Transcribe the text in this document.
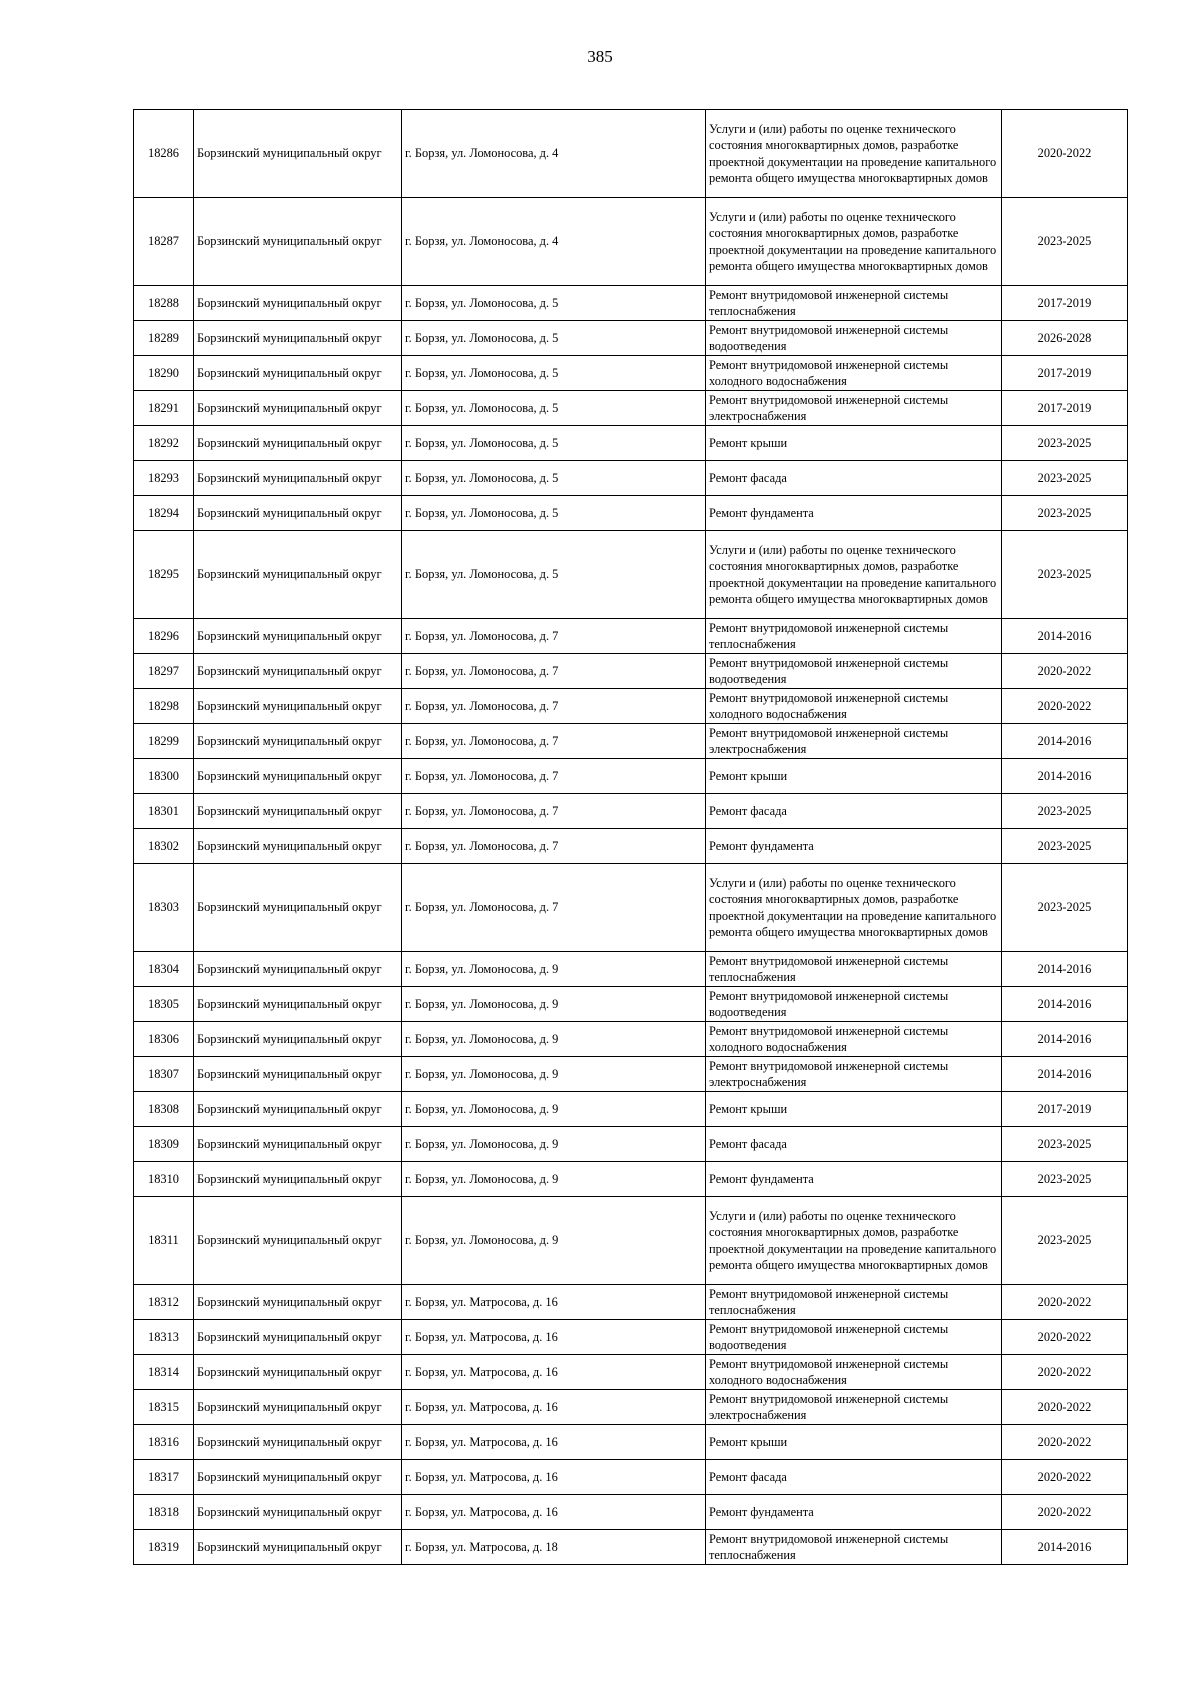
385
18286	Борзинский муниципальный округ	г. Борзя, ул. Ломоносова, д. 4	Услуги и (или) работы по оценке технического состояния многоквартирных домов, разработке проектной документации на проведение капитального ремонта общего имущества многоквартирных домов	2020-2022
18287	Борзинский муниципальный округ	г. Борзя, ул. Ломоносова, д. 4	Услуги и (или) работы по оценке технического состояния многоквартирных домов, разработке проектной документации на проведение капитального ремонта общего имущества многоквартирных домов	2023-2025
18288	Борзинский муниципальный округ	г. Борзя, ул. Ломоносова, д. 5	Ремонт внутридомовой инженерной системы теплоснабжения	2017-2019
18289	Борзинский муниципальный округ	г. Борзя, ул. Ломоносова, д. 5	Ремонт внутридомовой инженерной системы водоотведения	2026-2028
18290	Борзинский муниципальный округ	г. Борзя, ул. Ломоносова, д. 5	Ремонт внутридомовой инженерной системы холодного водоснабжения	2017-2019
18291	Борзинский муниципальный округ	г. Борзя, ул. Ломоносова, д. 5	Ремонт внутридомовой инженерной системы электроснабжения	2017-2019
18292	Борзинский муниципальный округ	г. Борзя, ул. Ломоносова, д. 5	Ремонт крыши	2023-2025
18293	Борзинский муниципальный округ	г. Борзя, ул. Ломоносова, д. 5	Ремонт фасада	2023-2025
18294	Борзинский муниципальный округ	г. Борзя, ул. Ломоносова, д. 5	Ремонт фундамента	2023-2025
18295	Борзинский муниципальный округ	г. Борзя, ул. Ломоносова, д. 5	Услуги и (или) работы по оценке технического состояния многоквартирных домов, разработке проектной документации на проведение капитального ремонта общего имущества многоквартирных домов	2023-2025
18296	Борзинский муниципальный округ	г. Борзя, ул. Ломоносова, д. 7	Ремонт внутридомовой инженерной системы теплоснабжения	2014-2016
18297	Борзинский муниципальный округ	г. Борзя, ул. Ломоносова, д. 7	Ремонт внутридомовой инженерной системы водоотведения	2020-2022
18298	Борзинский муниципальный округ	г. Борзя, ул. Ломоносова, д. 7	Ремонт внутридомовой инженерной системы холодного водоснабжения	2020-2022
18299	Борзинский муниципальный округ	г. Борзя, ул. Ломоносова, д. 7	Ремонт внутридомовой инженерной системы электроснабжения	2014-2016
18300	Борзинский муниципальный округ	г. Борзя, ул. Ломоносова, д. 7	Ремонт крыши	2014-2016
18301	Борзинский муниципальный округ	г. Борзя, ул. Ломоносова, д. 7	Ремонт фасада	2023-2025
18302	Борзинский муниципальный округ	г. Борзя, ул. Ломоносова, д. 7	Ремонт фундамента	2023-2025
18303	Борзинский муниципальный округ	г. Борзя, ул. Ломоносова, д. 7	Услуги и (или) работы по оценке технического состояния многоквартирных домов, разработке проектной документации на проведение капитального ремонта общего имущества многоквартирных домов	2023-2025
18304	Борзинский муниципальный округ	г. Борзя, ул. Ломоносова, д. 9	Ремонт внутридомовой инженерной системы теплоснабжения	2014-2016
18305	Борзинский муниципальный округ	г. Борзя, ул. Ломоносова, д. 9	Ремонт внутридомовой инженерной системы водоотведения	2014-2016
18306	Борзинский муниципальный округ	г. Борзя, ул. Ломоносова, д. 9	Ремонт внутридомовой инженерной системы холодного водоснабжения	2014-2016
18307	Борзинский муниципальный округ	г. Борзя, ул. Ломоносова, д. 9	Ремонт внутридомовой инженерной системы электроснабжения	2014-2016
18308	Борзинский муниципальный округ	г. Борзя, ул. Ломоносова, д. 9	Ремонт крыши	2017-2019
18309	Борзинский муниципальный округ	г. Борзя, ул. Ломоносова, д. 9	Ремонт фасада	2023-2025
18310	Борзинский муниципальный округ	г. Борзя, ул. Ломоносова, д. 9	Ремонт фундамента	2023-2025
18311	Борзинский муниципальный округ	г. Борзя, ул. Ломоносова, д. 9	Услуги и (или) работы по оценке технического состояния многоквартирных домов, разработке проектной документации на проведение капитального ремонта общего имущества многоквартирных домов	2023-2025
18312	Борзинский муниципальный округ	г. Борзя, ул. Матросова, д. 16	Ремонт внутридомовой инженерной системы теплоснабжения	2020-2022
18313	Борзинский муниципальный округ	г. Борзя, ул. Матросова, д. 16	Ремонт внутридомовой инженерной системы водоотведения	2020-2022
18314	Борзинский муниципальный округ	г. Борзя, ул. Матросова, д. 16	Ремонт внутридомовой инженерной системы холодного водоснабжения	2020-2022
18315	Борзинский муниципальный округ	г. Борзя, ул. Матросова, д. 16	Ремонт внутридомовой инженерной системы электроснабжения	2020-2022
18316	Борзинский муниципальный округ	г. Борзя, ул. Матросова, д. 16	Ремонт крыши	2020-2022
18317	Борзинский муниципальный округ	г. Борзя, ул. Матросова, д. 16	Ремонт фасада	2020-2022
18318	Борзинский муниципальный округ	г. Борзя, ул. Матросова, д. 16	Ремонт фундамента	2020-2022
18319	Борзинский муниципальный округ	г. Борзя, ул. Матросова, д. 18	Ремонт внутридомовой инженерной системы теплоснабжения	2014-2016
